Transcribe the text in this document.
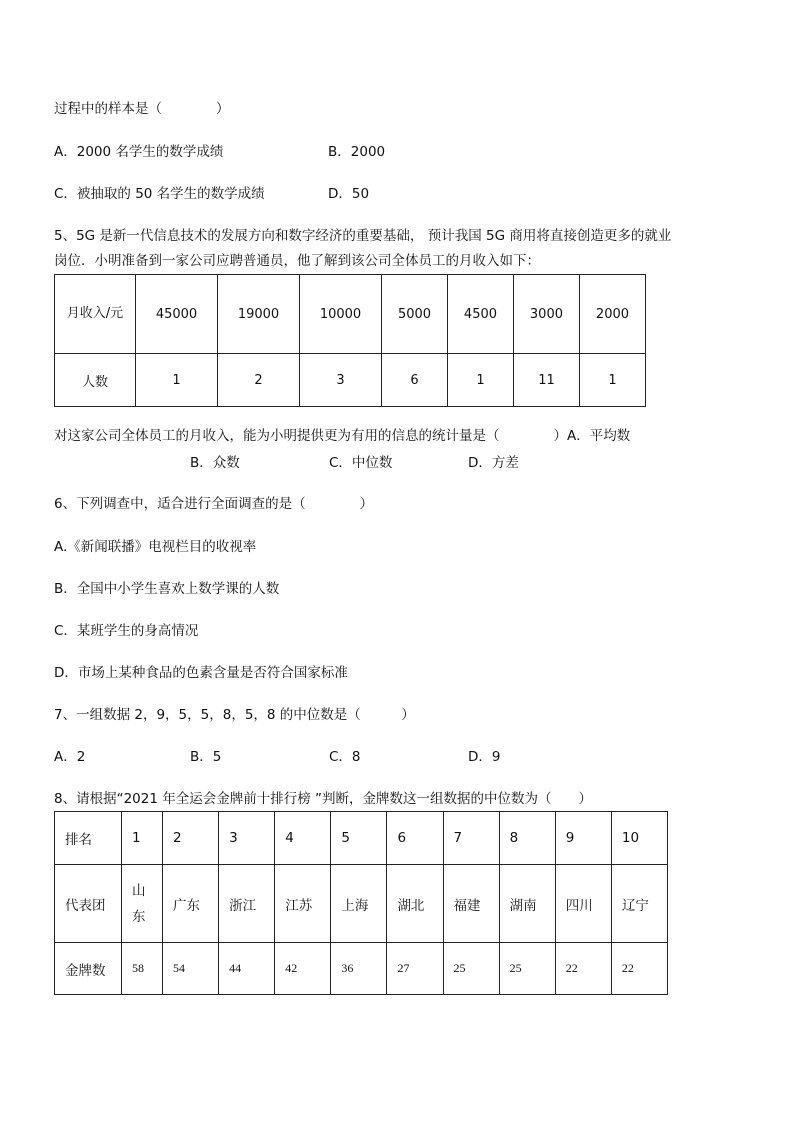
过程中的样本是（　　　　）
A．2000 名学生的数学成绩	B．2000
C．被抽取的 50 名学生的数学成绩	D．50
5、5G 是新一代信息技术的发展方向和数字经济的重要基础， 预计我国 5G 商用将直接创造更多的就业
岗位．小明准备到一家公司应聘普通员，他了解到该公司全体员工的月收入如下：
月收入/元	45000	19000	10000	5000	4500	3000	2000
人数	1	2	3	6	1	11	1
对这家公司全体员工的月收入，能为小明提供更为有用的信息的统计量是（　　　　）A．平均数
B．众数	C．中位数	D．方差
6、下列调查中，适合进行全面调查的是（　　　　）
A.《新闻联播》电视栏目的收视率
B．全国中小学生喜欢上数学课的人数
C．某班学生的身高情况
D．市场上某种食品的色素含量是否符合国家标准
7、一组数据 2，9，5，5，8，5，8 的中位数是（　　　）
A．2	B．5	C．8	D．9
8、请根据“2021 年全运会金牌前十排行榜 ”判断，金牌数这一组数据的中位数为（　　）
排名	1	2	3	4	5	6	7	8	9	10
代表团	山东	广东	浙江	江苏	上海	湖北	福建	湖南	四川	辽宁
金牌数	58	54	44	42	36	27	25	25	22	22
